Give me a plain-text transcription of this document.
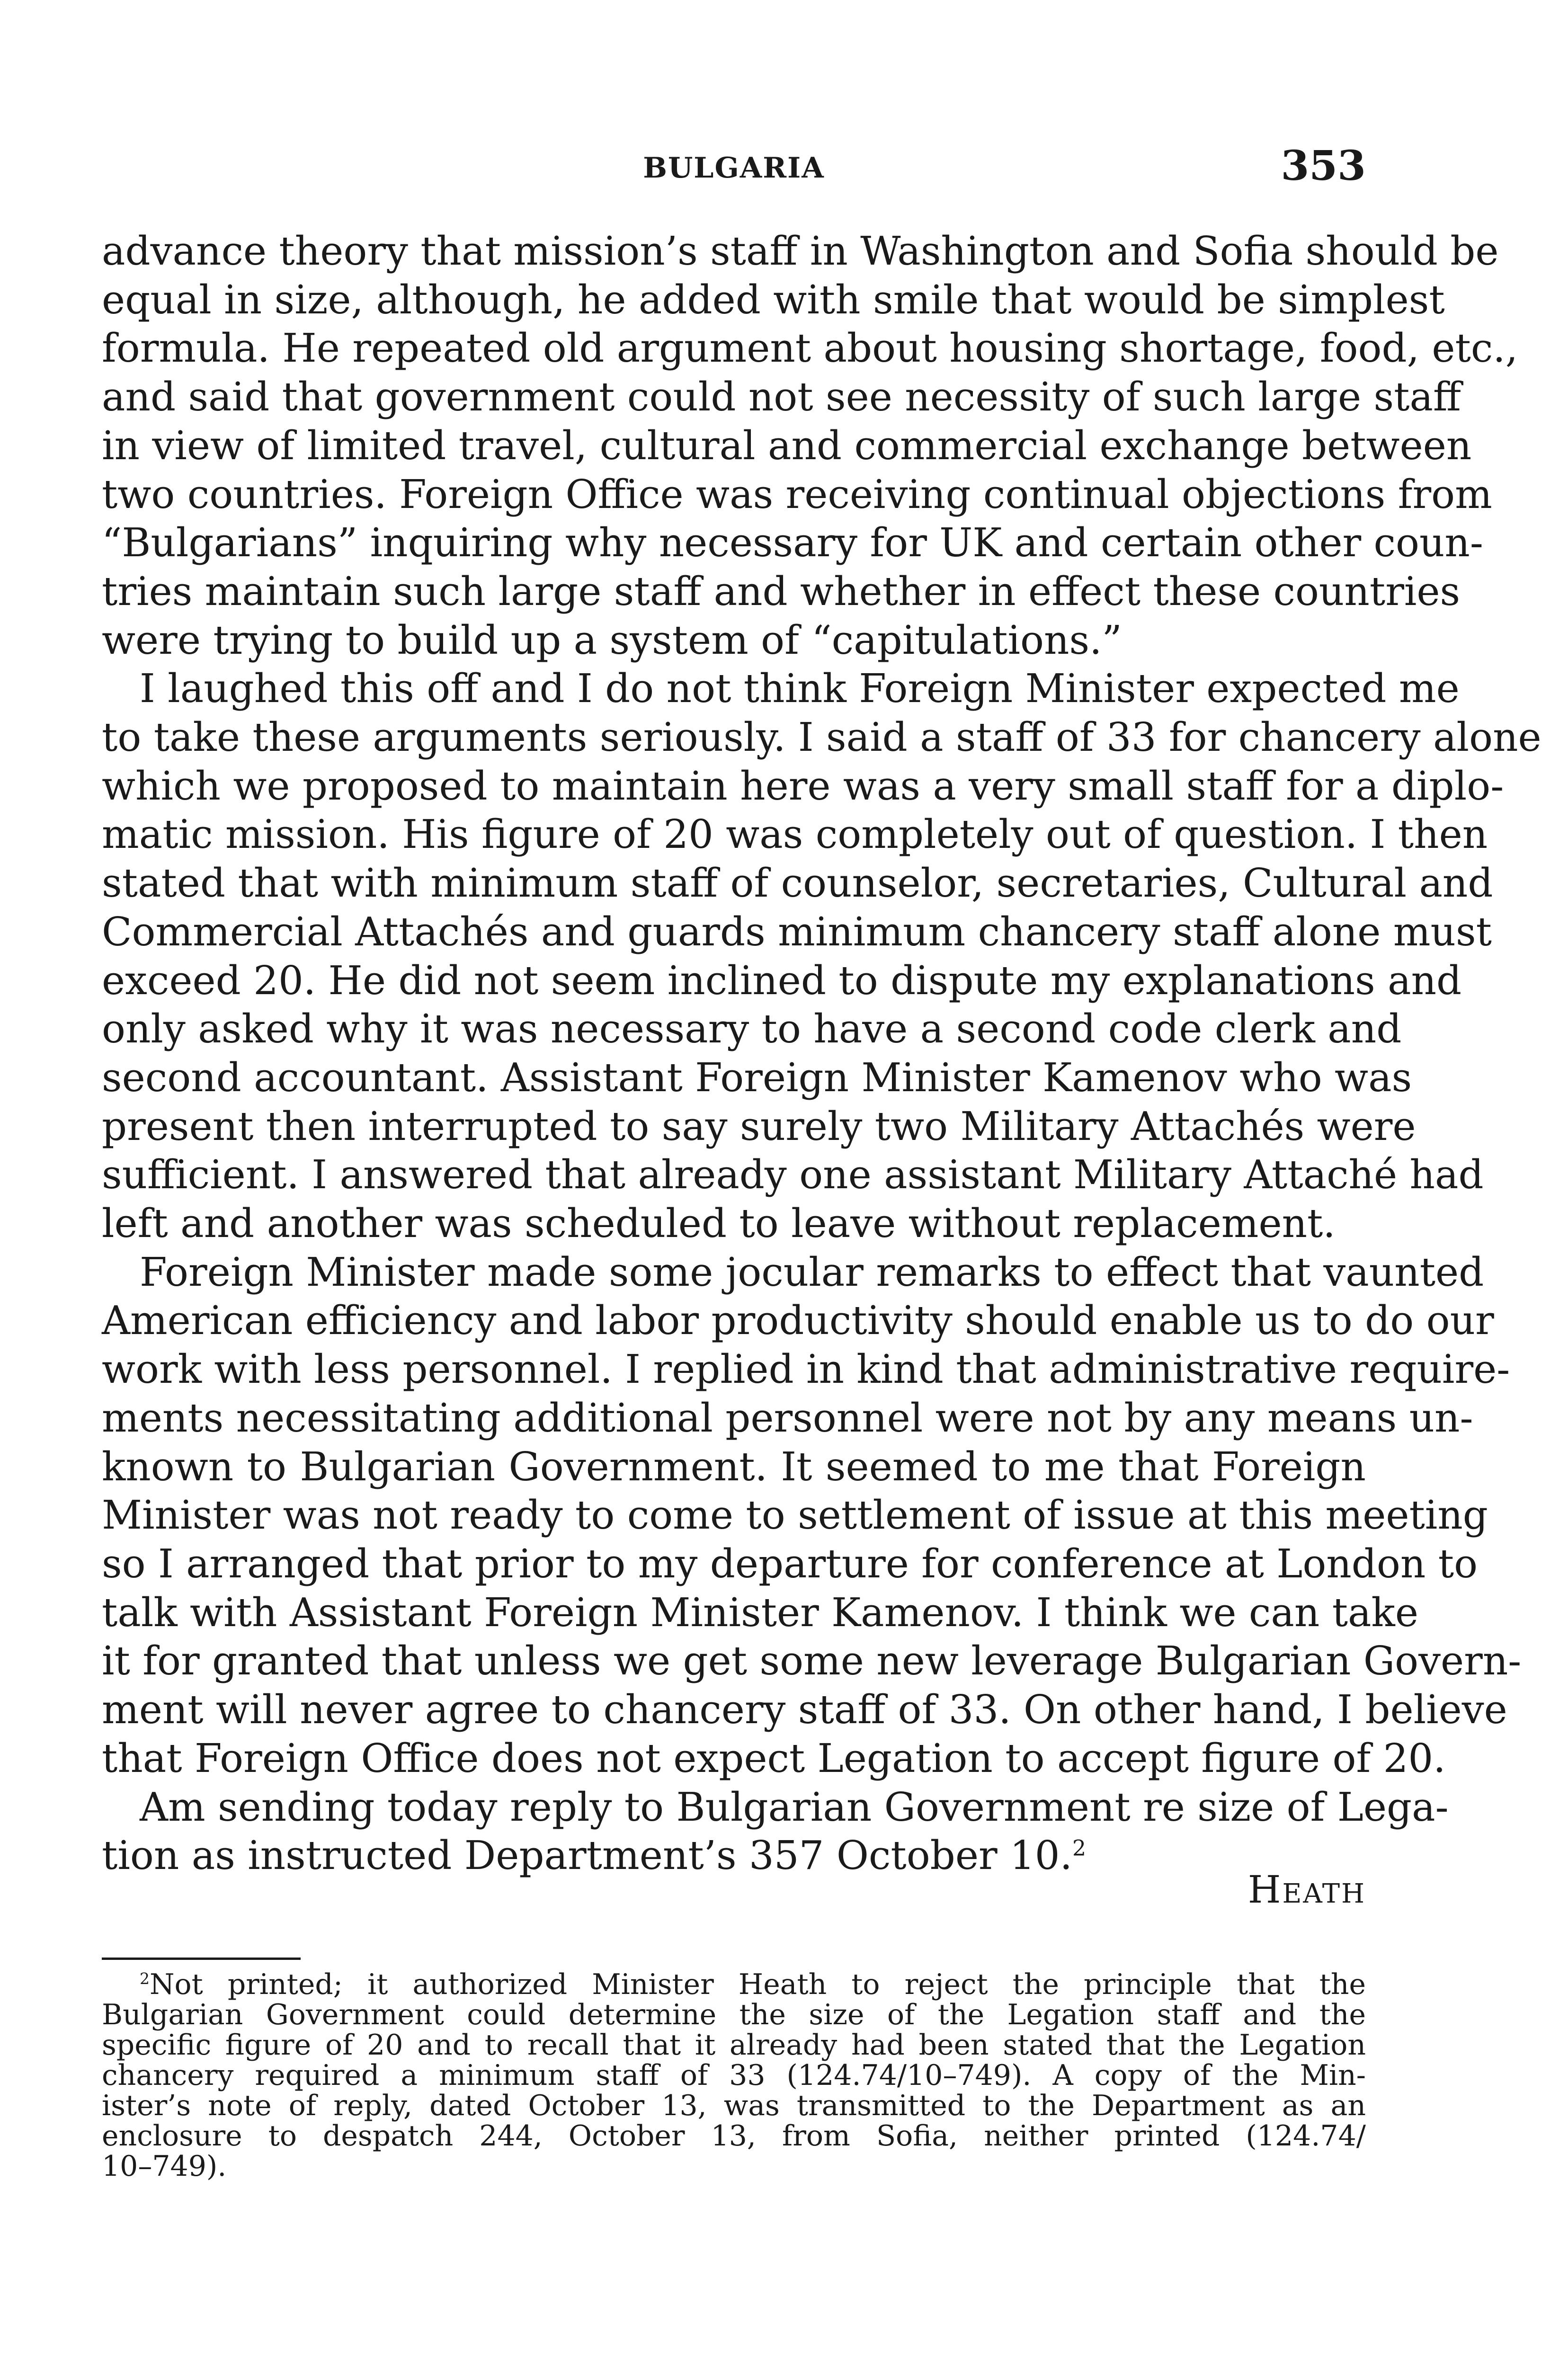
BULGARIA	353

advance theory that mission’s staff in Washington and Sofia should be
equal in size, although, he added with smile that would be simplest
formula. He repeated old argument about housing shortage, food, etc.,
and said that government could not see necessity of such large staff
in view of limited travel, cultural and commercial exchange between
two countries. Foreign Office was receiving continual objections from
“Bulgarians” inquiring why necessary for UK and certain other coun-
tries maintain such large staff and whether in effect these countries
were trying to build up a system of “capitulations.”

I laughed this off and I do not think Foreign Minister expected me
to take these arguments seriously. I said a staff of 33 for chancery alone
which we proposed to maintain here was a very small staff for a diplo-
matic mission. His figure of 20 was completely out of question. I then
stated that with minimum staff of counselor, secretaries, Cultural and
Commercial Attachés and guards minimum chancery staff alone must
exceed 20. He did not seem inclined to dispute my explanations and
only asked why it was necessary to have a second code clerk and
second accountant. Assistant Foreign Minister Kamenov who was
present then interrupted to say surely two Military Attachés were
sufficient. I answered that already one assistant Military Attaché had
left and another was scheduled to leave without replacement.

Foreign Minister made some jocular remarks to effect that vaunted
American efficiency and labor productivity should enable us to do our
work with less personnel. I replied in kind that administrative require-
ments necessitating additional personnel were not by any means un-
known to Bulgarian Government. It seemed to me that Foreign
Minister was not ready to come to settlement of issue at this meeting
so I arranged that prior to my departure for conference at London to
talk with Assistant Foreign Minister Kamenov. I think we can take
it for granted that unless we get some new leverage Bulgarian Govern-
ment will never agree to chancery staff of 33. On other hand, I believe
that Foreign Office does not expect Legation to accept figure of 20.

Am sending today reply to Bulgarian Government re size of Lega-
tion as instructed Department’s 357 October 10.$^2$

Heath
$^2$Not printed; it authorized Minister Heath to reject the principle that the
Bulgarian Government could determine the size of the Legation staff and the
specific figure of 20 and to recall that it already had been stated that the Legation
chancery required a minimum staff of 33 (124.74/10–749). A copy of the Min-
ister’s note of reply, dated October 13, was transmitted to the Department as an
enclosure to despatch 244, October 13, from Sofia, neither printed (124.74/
10–749).
